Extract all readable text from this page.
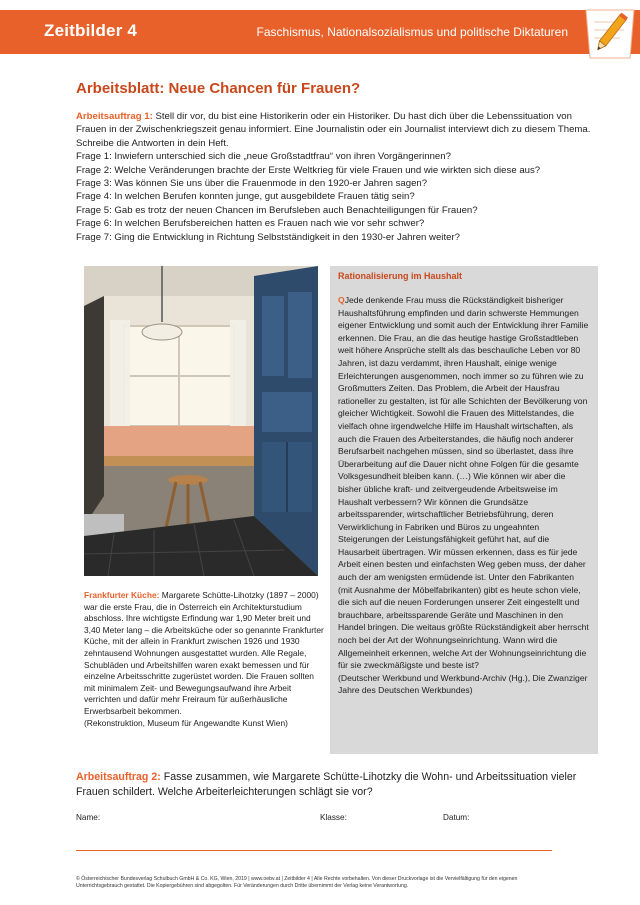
Zeitbilder 4	Faschismus, Nationalsozialismus und politische Diktaturen
Arbeitsblatt: Neue Chancen für Frauen?
Arbeitsauftrag 1: Stell dir vor, du bist eine Historikerin oder ein Historiker. Du hast dich über die Lebenssituation von Frauen in der Zwischenkriegszeit genau informiert. Eine Journalistin oder ein Journalist interviewt dich zu diesem Thema. Schreibe die Antworten in dein Heft.
Frage 1: Inwiefern unterschied sich die „neue Großstadtfrau“ von ihren Vorgängerinnen?
Frage 2: Welche Veränderungen brachte der Erste Weltkrieg für viele Frauen und wie wirkten sich diese aus?
Frage 3: Was können Sie uns über die Frauenmode in den 1920-er Jahren sagen?
Frage 4: In welchen Berufen konnten junge, gut ausgebildete Frauen tätig sein?
Frage 5: Gab es trotz der neuen Chancen im Berufsleben auch Benachteiligungen für Frauen?
Frage 6: In welchen Berufsbereichen hatten es Frauen nach wie vor sehr schwer?
Frage 7: Ging die Entwicklung in Richtung Selbstständigkeit in den 1930-er Jahren weiter?
Frankfurter Küche: Margarete Schütte-Lihotzky (1897 – 2000) war die erste Frau, die in Österreich ein Architekturstudium abschloss. Ihre wichtigste Erfindung war 1,90 Meter breit und 3,40 Meter lang – die Arbeitsküche oder so genannte Frankfurter Küche, mit der allein in Frankfurt zwischen 1926 und 1930 zehntausend Wohnungen ausgestattet wurden. Alle Regale, Schubläden und Arbeitshilfen waren exakt bemessen und für einzelne Arbeitsschritte zugerüstet worden. Die Frauen sollten mit minimalem Zeit- und Bewegungsaufwand ihre Arbeit verrichten und dafür mehr Freiraum für außerhäusliche Erwerbsarbeit bekommen.
(Rekonstruktion, Museum für Angewandte Kunst Wien)
Rationalisierung im Haushalt
QJede denkende Frau muss die Rückständigkeit bisheriger Haushaltsführung empfinden und darin schwerste Hemmungen eigener Entwicklung und somit auch der Entwicklung ihrer Familie erkennen. Die Frau, an die das heutige hastige Großstadtleben weit höhere Ansprüche stellt als das beschauliche Leben vor 80 Jahren, ist dazu verdammt, ihren Haushalt, einige wenige Erleichterungen ausgenommen, noch immer so zu führen wie zu Großmutters Zeiten. Das Problem, die Arbeit der Hausfrau rationeller zu gestalten, ist für alle Schichten der Bevölkerung von gleicher Wichtigkeit. Sowohl die Frauen des Mittelstandes, die vielfach ohne irgendwelche Hilfe im Haushalt wirtschaften, als auch die Frauen des Arbeiterstandes, die häufig noch anderer Berufsarbeit nachgehen müssen, sind so überlastet, dass ihre Überarbeitung auf die Dauer nicht ohne Folgen für die gesamte Volksgesundheit bleiben kann. (…) Wie können wir aber die bisher übliche kraft- und zeitvergeudende Arbeitsweise im Haushalt verbessern? Wir können die Grundsätze arbeitssparender, wirtschaftlicher Betriebsführung, deren Verwirklichung in Fabriken und Büros zu ungeahnten Steigerungen der Leistungsfähigkeit geführt hat, auf die Hausarbeit übertragen. Wir müssen erkennen, dass es für jede Arbeit einen besten und einfachsten Weg geben muss, der daher auch der am wenigsten ermüdende ist. Unter den Fabrikanten (mit Ausnahme der Möbelfabrikanten) gibt es heute schon viele, die sich auf die neuen Forderungen unserer Zeit eingestellt und brauchbare, arbeitssparende Geräte und Maschinen in den Handel bringen. Die weitaus größte Rückständigkeit aber herrscht noch bei der Art der Wohnungseinrichtung. Wann wird die Allgemeinheit erkennen, welche Art der Wohnungseinrichtung die für sie zweckmäßigste und beste ist?
(Deutscher Werkbund und Werkbund-Archiv (Hg.), Die Zwanziger Jahre des Deutschen Werkbundes)
Arbeitsauftrag 2: Fasse zusammen, wie Margarete Schütte-Lihotzky die Wohn- und Arbeitssituation vieler Frauen schildert. Welche Arbeiterleichterungen schlägt sie vor?
Name:	Klasse:	Datum:
© Österreichischer Bundesverlag Schulbuch GmbH & Co. KG, Wien, 2019 | www.oebv.at | Zeitbilder 4 | Alle Rechte vorbehalten. Von dieser Druckvorlage ist die Vervielfältigung für den eigenen Unterrichtsgebrauch gestattet. Die Kopiergebühren sind abgegolten. Für Veränderungen durch Dritte übernimmt der Verlag keine Verantwortung.
